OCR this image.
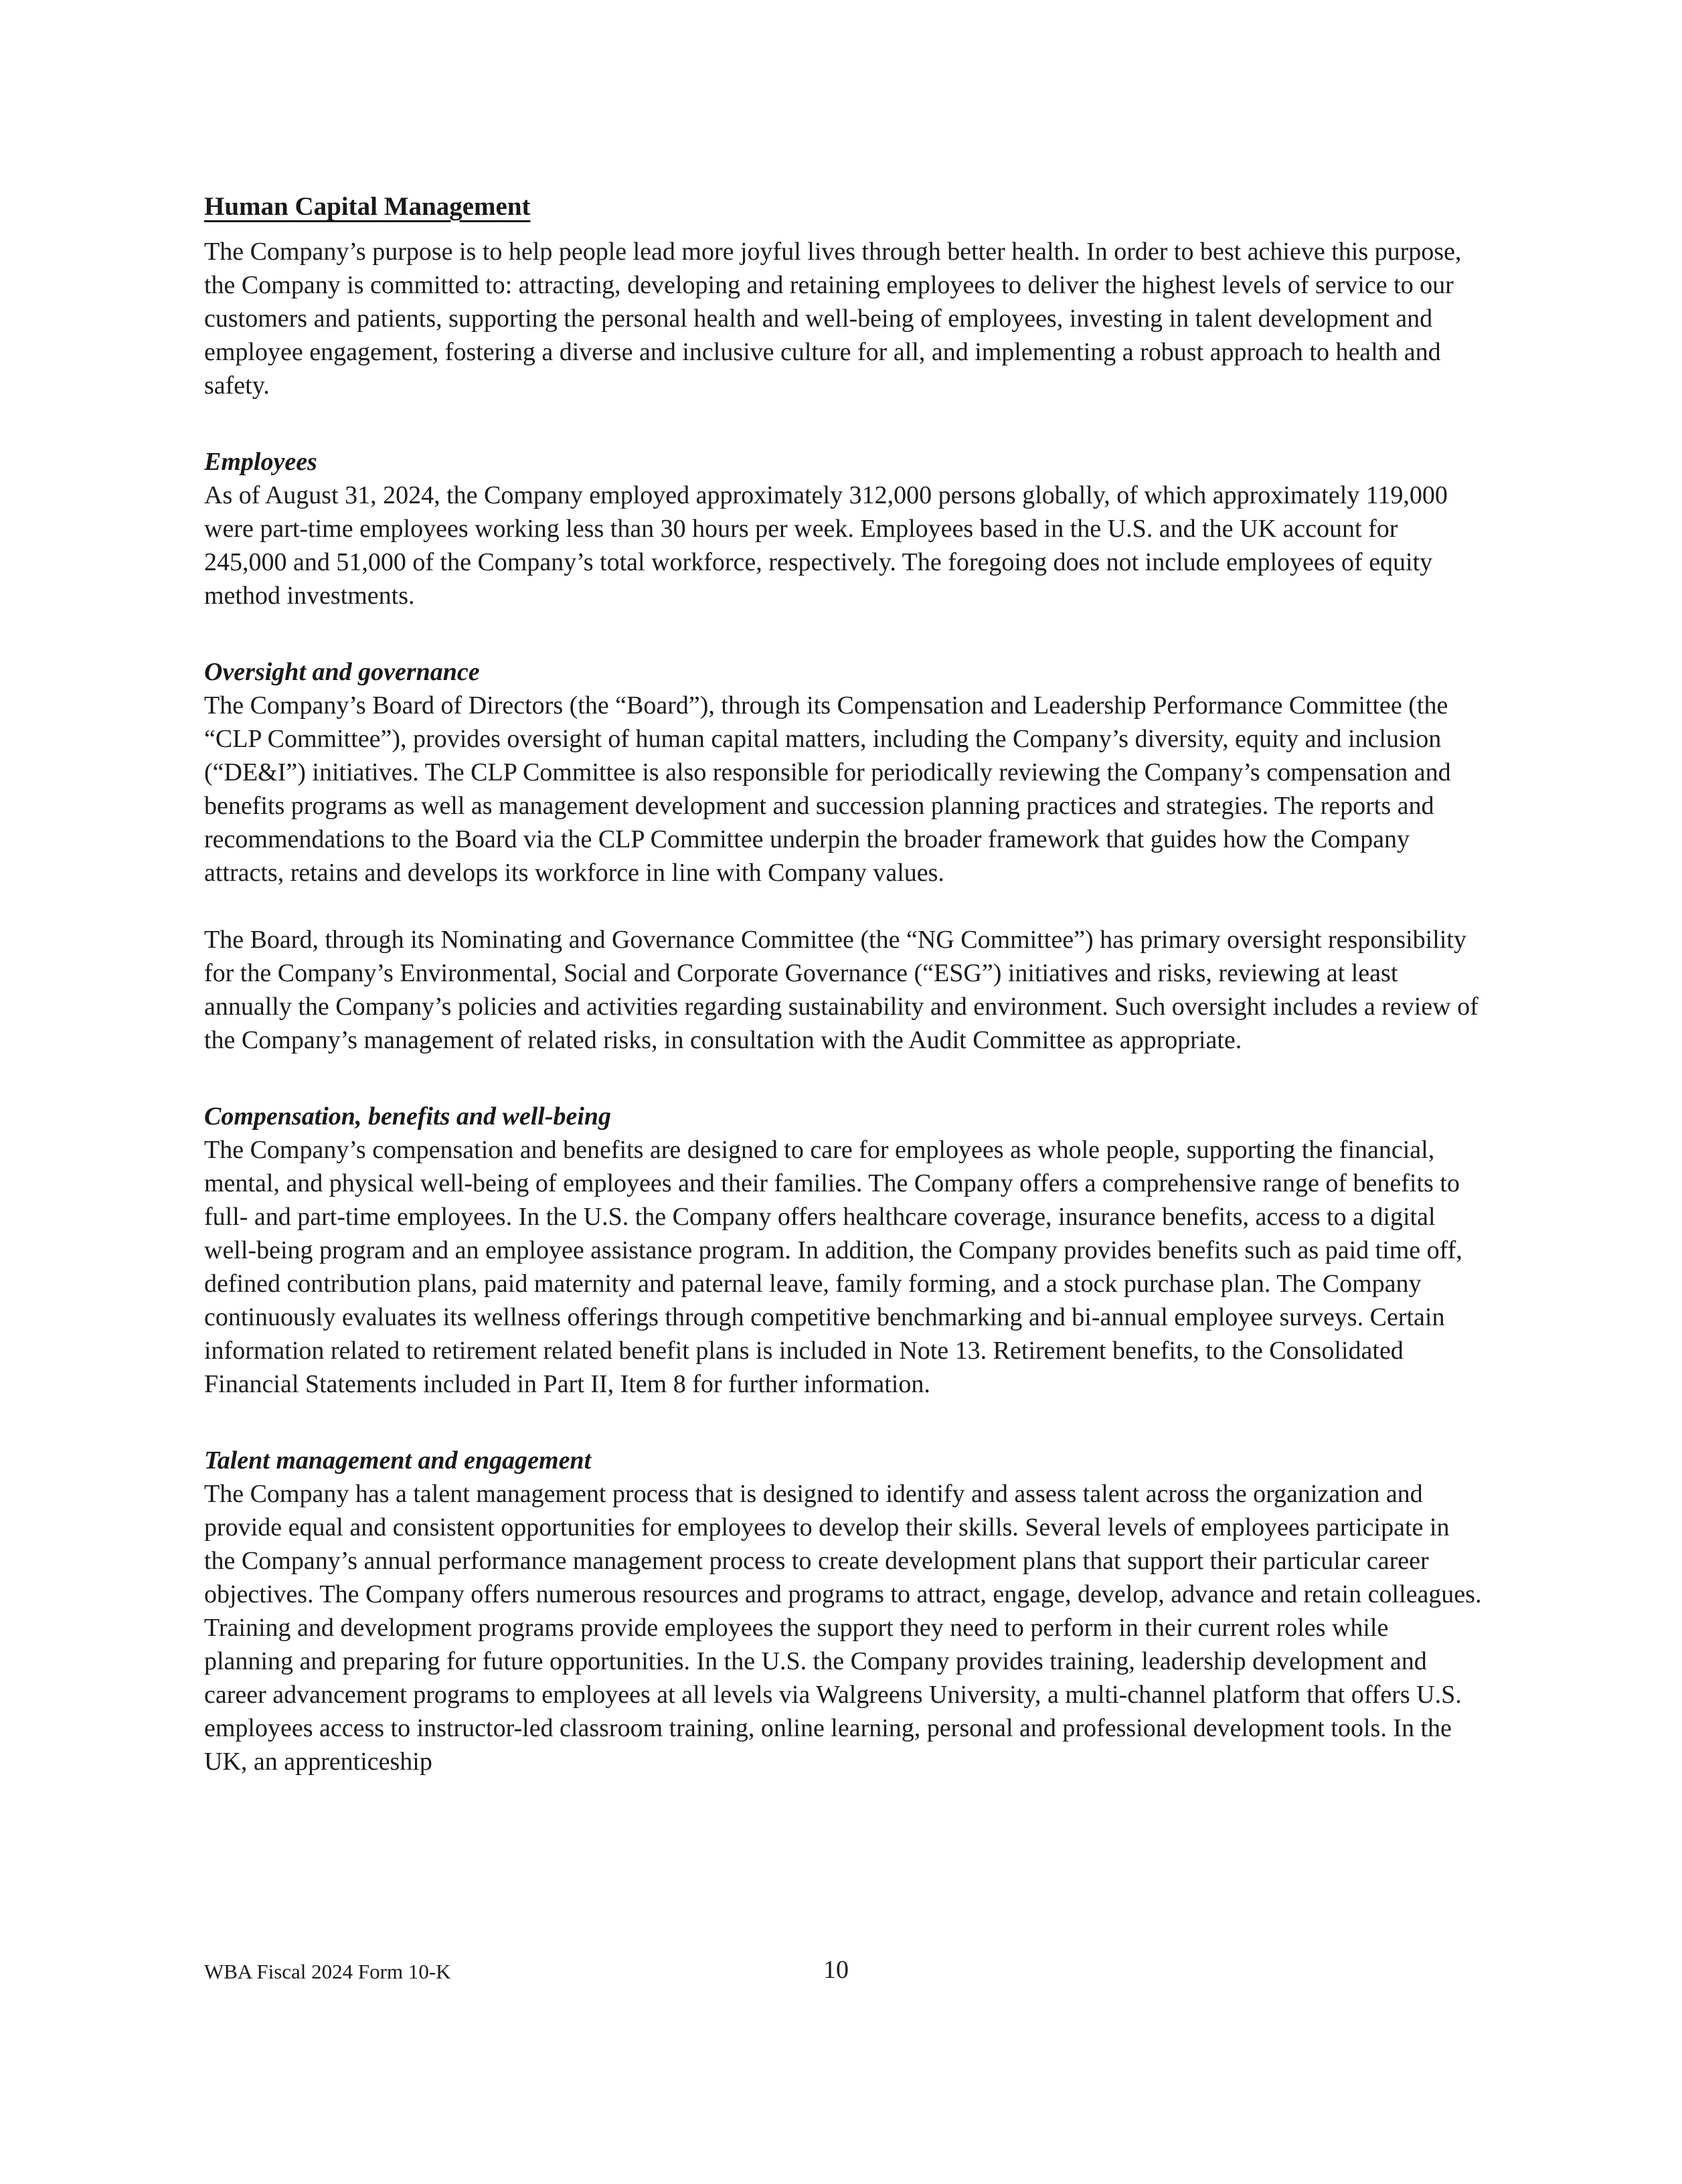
Human Capital Management

The Company’s purpose is to help people lead more joyful lives through better health. In order to best achieve this purpose, the Company is committed to: attracting, developing and retaining employees to deliver the highest levels of service to our customers and patients, supporting the personal health and well-being of employees, investing in talent development and employee engagement, fostering a diverse and inclusive culture for all, and implementing a robust approach to health and safety.

Employees

As of August 31, 2024, the Company employed approximately 312,000 persons globally, of which approximately 119,000 were part-time employees working less than 30 hours per week. Employees based in the U.S. and the UK account for 245,000 and 51,000 of the Company’s total workforce, respectively. The foregoing does not include employees of equity method investments.

Oversight and governance

The Company’s Board of Directors (the “Board”), through its Compensation and Leadership Performance Committee (the “CLP Committee”), provides oversight of human capital matters, including the Company’s diversity, equity and inclusion (“DE&I”) initiatives. The CLP Committee is also responsible for periodically reviewing the Company’s compensation and benefits programs as well as management development and succession planning practices and strategies. The reports and recommendations to the Board via the CLP Committee underpin the broader framework that guides how the Company attracts, retains and develops its workforce in line with Company values.

The Board, through its Nominating and Governance Committee (the “NG Committee”) has primary oversight responsibility for the Company’s Environmental, Social and Corporate Governance (“ESG”) initiatives and risks, reviewing at least annually the Company’s policies and activities regarding sustainability and environment. Such oversight includes a review of the Company’s management of related risks, in consultation with the Audit Committee as appropriate.

Compensation, benefits and well-being

The Company’s compensation and benefits are designed to care for employees as whole people, supporting the financial, mental, and physical well-being of employees and their families. The Company offers a comprehensive range of benefits to full- and part-time employees. In the U.S. the Company offers healthcare coverage, insurance benefits, access to a digital well-being program and an employee assistance program. In addition, the Company provides benefits such as paid time off, defined contribution plans, paid maternity and paternal leave, family forming, and a stock purchase plan. The Company continuously evaluates its wellness offerings through competitive benchmarking and bi-annual employee surveys. Certain information related to retirement related benefit plans is included in Note 13. Retirement benefits, to the Consolidated Financial Statements included in Part II, Item 8 for further information.

Talent management and engagement

The Company has a talent management process that is designed to identify and assess talent across the organization and provide equal and consistent opportunities for employees to develop their skills. Several levels of employees participate in the Company’s annual performance management process to create development plans that support their particular career objectives. The Company offers numerous resources and programs to attract, engage, develop, advance and retain colleagues. Training and development programs provide employees the support they need to perform in their current roles while planning and preparing for future opportunities. In the U.S. the Company provides training, leadership development and career advancement programs to employees at all levels via Walgreens University, a multi-channel platform that offers U.S. employees access to instructor-led classroom training, online learning, personal and professional development tools. In the UK, an apprenticeship

WBA Fiscal 2024 Form 10-K	10
